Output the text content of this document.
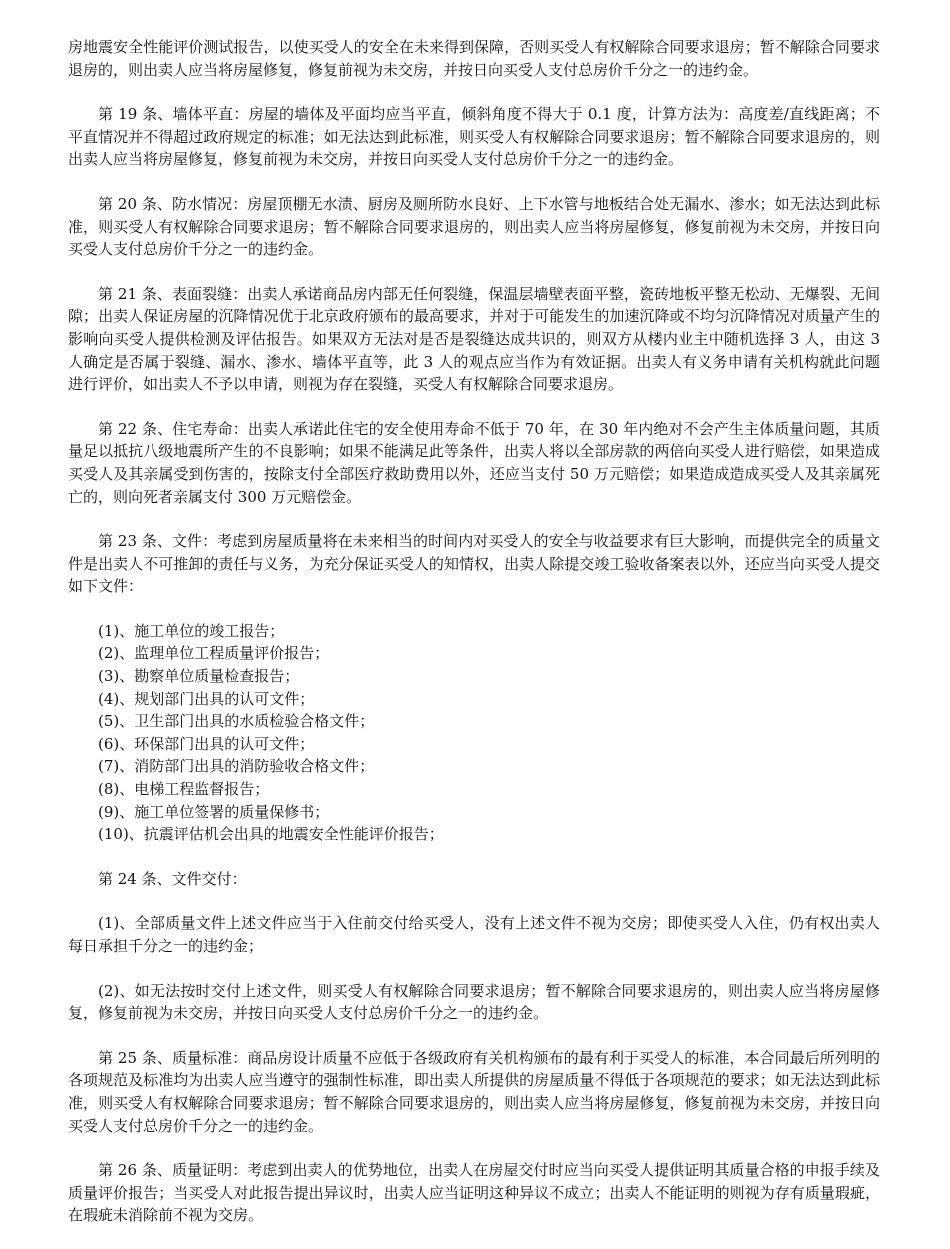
房地震安全性能评价测试报告，以使买受人的安全在未来得到保障，否则买受人有权解除合同要求退房；暂不解除合同要求退房的，则出卖人应当将房屋修复，修复前视为未交房，并按日向买受人支付总房价千分之一的违约金。

第 19 条、墙体平直：房屋的墙体及平面均应当平直，倾斜角度不得大于 0.1 度，计算方法为：高度差/直线距离；不平直情况并不得超过政府规定的标准；如无法达到此标准，则买受人有权解除合同要求退房；暂不解除合同要求退房的，则出卖人应当将房屋修复，修复前视为未交房，并按日向买受人支付总房价千分之一的违约金。

第 20 条、防水情况：房屋顶棚无水渍、厨房及厕所防水良好、上下水管与地板结合处无漏水、渗水；如无法达到此标准，则买受人有权解除合同要求退房；暂不解除合同要求退房的，则出卖人应当将房屋修复，修复前视为未交房，并按日向买受人支付总房价千分之一的违约金。

第 21 条、表面裂缝：出卖人承诺商品房内部无任何裂缝，保温层墙壁表面平整，瓷砖地板平整无松动、无爆裂、无间隙；出卖人保证房屋的沉降情况优于北京政府颁布的最高要求，并对于可能发生的加速沉降或不均匀沉降情况对质量产生的影响向买受人提供检测及评估报告。如果双方无法对是否是裂缝达成共识的，则双方从楼内业主中随机选择 3 人，由这 3 人确定是否属于裂缝、漏水、渗水、墙体平直等，此 3 人的观点应当作为有效证据。出卖人有义务申请有关机构就此问题进行评价，如出卖人不予以申请，则视为存在裂缝，买受人有权解除合同要求退房。

第 22 条、住宅寿命：出卖人承诺此住宅的安全使用寿命不低于 70 年，在 30 年内绝对不会产生主体质量问题，其质量足以抵抗八级地震所产生的不良影响；如果不能满足此等条件，出卖人将以全部房款的两倍向买受人进行赔偿，如果造成买受人及其亲属受到伤害的，按除支付全部医疗救助费用以外，还应当支付 50 万元赔偿；如果造成造成买受人及其亲属死亡的，则向死者亲属支付 300 万元赔偿金。

第 23 条、文件：考虑到房屋质量将在未来相当的时间内对买受人的安全与收益要求有巨大影响，而提供完全的质量文件是出卖人不可推卸的责任与义务，为充分保证买受人的知情权，出卖人除提交竣工验收备案表以外，还应当向买受人提交如下文件：

(1)、施工单位的竣工报告；
(2)、监理单位工程质量评价报告；
(3)、勘察单位质量检查报告；
(4)、规划部门出具的认可文件；
(5)、卫生部门出具的水质检验合格文件；
(6)、环保部门出具的认可文件；
(7)、消防部门出具的消防验收合格文件；
(8)、电梯工程监督报告；
(9)、施工单位签署的质量保修书；
(10)、抗震评估机会出具的地震安全性能评价报告；

第 24 条、文件交付：

(1)、全部质量文件上述文件应当于入住前交付给买受人，没有上述文件不视为交房；即使买受人入住，仍有权出卖人每日承担千分之一的违约金；

(2)、如无法按时交付上述文件，则买受人有权解除合同要求退房；暂不解除合同要求退房的，则出卖人应当将房屋修复，修复前视为未交房，并按日向买受人支付总房价千分之一的违约金。

第 25 条、质量标准：商品房设计质量不应低于各级政府有关机构颁布的最有利于买受人的标准，本合同最后所列明的各项规范及标准均为出卖人应当遵守的强制性标准，即出卖人所提供的房屋质量不得低于各项规范的要求；如无法达到此标准，则买受人有权解除合同要求退房；暂不解除合同要求退房的，则出卖人应当将房屋修复，修复前视为未交房，并按日向买受人支付总房价千分之一的违约金。

第 26 条、质量证明：考虑到出卖人的优势地位，出卖人在房屋交付时应当向买受人提供证明其质量合格的申报手续及质量评价报告；当买受人对此报告提出异议时，出卖人应当证明这种异议不成立；出卖人不能证明的则视为存有质量瑕疵，在瑕疵未消除前不视为交房。
